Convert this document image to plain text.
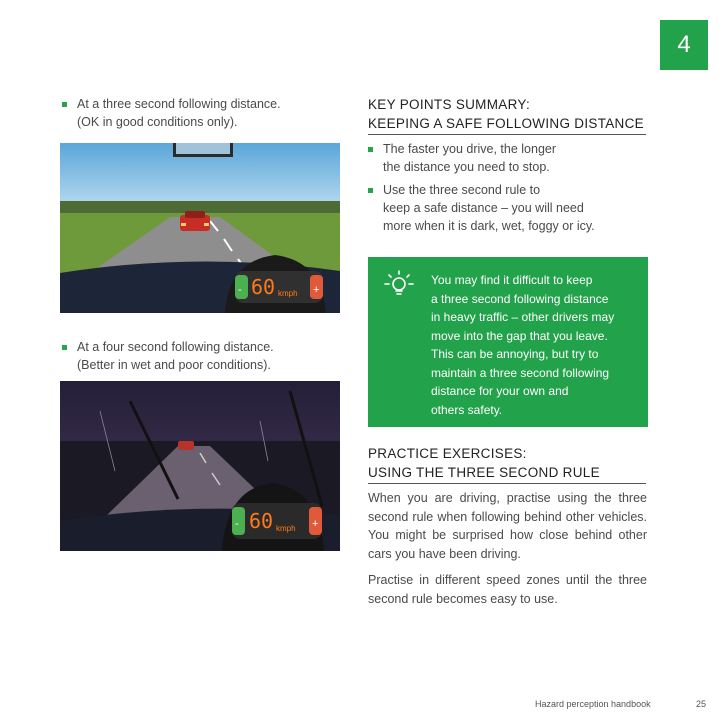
4
At a three second following distance.
(OK in good conditions only).
-	+
60 kmph
At a four second following distance.
(Better in wet and poor conditions).
-	+
60 kmph
KEY POINTS SUMMARY:
KEEPING A SAFE FOLLOWING DISTANCE
The faster you drive, the longer
the distance you need to stop.
Use the three second rule to
keep a safe distance – you will need
more when it is dark, wet, foggy or icy.
You may find it difficult to keep
a three second following distance
in heavy traffic – other drivers may
move into the gap that you leave.
This can be annoying, but try to
maintain a three second following
distance for your own and
others safety.
PRACTICE EXERCISES:
USING THE THREE SECOND RULE
When you are driving, practise using the three second rule when following behind other vehicles. You might be surprised how close behind other cars you have been driving.
Practise in different speed zones until the three second rule becomes easy to use.
Hazard perception handbook	25
